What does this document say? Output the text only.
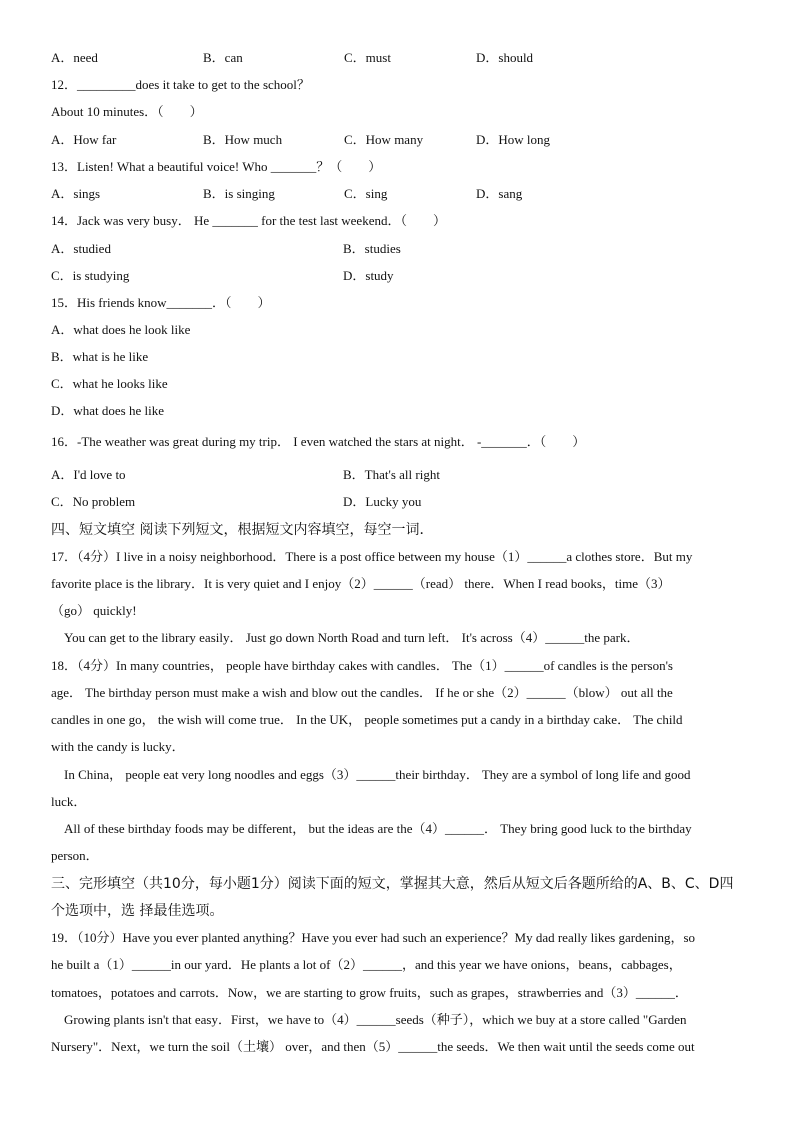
A．need	B．can	C．must	D．should
12．_________does it take to get to the school？
About 10 minutes．（　　）
A．How far	B．How much	C．How many	D．How long
13．Listen! What a beautiful voice! Who _______？（　　）
A．sings	B．is singing	C．sing	D．sang
14．Jack was very busy． He _______ for the test last weekend．（　　）
A．studied	B．studies
C．is studying	D．study
15．His friends know_______．（　　）
A．what does he look like
B．what is he like
C．what he looks like
D．what does he like
16．-The weather was great during my trip． I even watched the stars at night． -_______．（　　）
A．I'd love to	B．That's all right
C．No problem	D．Lucky you
四、短文填空 阅读下列短文，根据短文内容填空，每空一词．
17．（4分）I live in a noisy neighborhood．There is a post office between my house（1）______a clothes store．But my
favorite place is the library．It is very quiet and I enjoy（2）______（read） there．When I read books，time（3）
（go） quickly!
　You can get to the library easily． Just go down North Road and turn left． It's across（4）______the park．
18．（4分）In many countries， people have birthday cakes with candles． The（1）______of candles is the person's
age． The birthday person must make a wish and blow out the candles． If he or she（2）______（blow） out all the
candles in one go， the wish will come true． In the UK， people sometimes put a candy in a birthday cake． The child
with the candy is lucky．
　In China， people eat very long noodles and eggs（3）______their birthday． They are a symbol of long life and good
luck．
　All of these birthday foods may be different， but the ideas are the（4）______． They bring good luck to the birthday
person．
三、完形填空（共10分，每小题1分）阅读下面的短文，掌握其大意，然后从短文后各题所给的A、B、C、D四
个选项中，选 择最佳选项。
19．（10分）Have you ever planted anything？Have you ever had such an experience？My dad really likes gardening，so
he built a（1）______in our yard．He plants a lot of（2）______，and this year we have onions，beans，cabbages，
tomatoes，potatoes and carrots．Now，we are starting to grow fruits，such as grapes，strawberries and（3）______．
　Growing plants isn't that easy．First，we have to（4）______seeds（种子），which we buy at a store called "Garden
Nursery"．Next，we turn the soil（土壤） over，and then（5）______the seeds．We then wait until the seeds come out
